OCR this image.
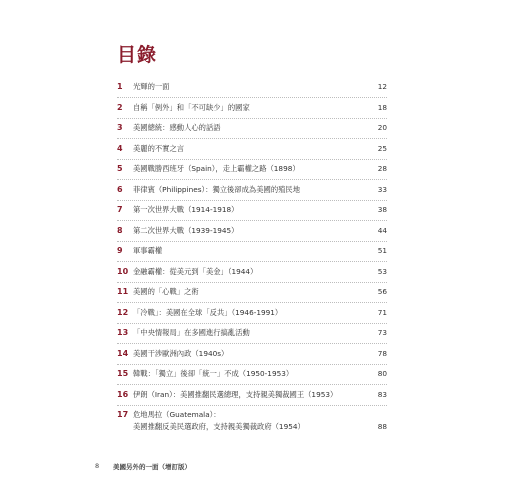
目錄
1	光輝的一面	12
2	自稱「例外」和「不可缺少」的國家	18
3	美國總統：感動人心的話語	20
4	美麗的不實之言	25
5	美國戰勝西班牙（Spain），走上霸權之路（1898）	28
6	菲律賓（Philippines）：獨立後卻成為美國的殖民地	33
7	第一次世界大戰（1914-1918）	38
8	第二次世界大戰（1939-1945）	44
9	軍事霸權	51
10 金融霸權：從美元到「美金」（1944）	53
11 美國的「心戰」之術	56
12 「冷戰」：美國在全球「反共」（1946-1991）	71
13 「中央情報局」在多國進行搞亂活動	73
14 美國干涉歐洲內政（1940s）	78
15 韓戰：「獨立」後卻「統一」不成（1950-1953）	80
16 伊朗（Iran）：美國推翻民選總理，支持親美獨裁國王（1953）	83
17 危地馬拉（Guatemala）：
美國推翻反美民選政府，支持親美獨裁政府（1954）	88
8 美國另外的一面（增訂版）
